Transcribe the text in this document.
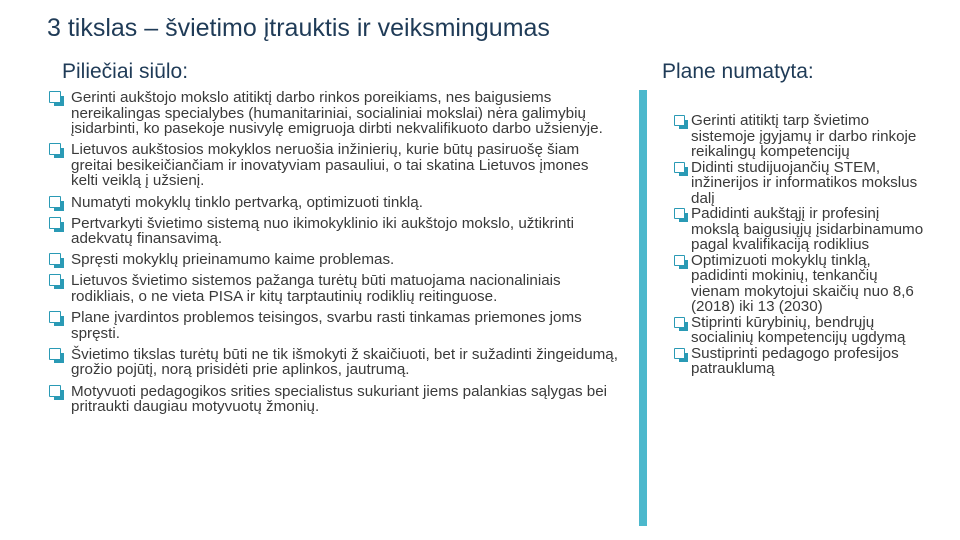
3 tikslas – švietimo įtrauktis ir veiksmingumas
Piliečiai siūlo:	Plane numatyta:
Gerinti aukštojo mokslo atitiktį darbo rinkos poreikiams, nes baigusiems nereikalingas specialybes (humanitariniai, socialiniai mokslai) nėra galimybių įsidarbinti, ko pasekoje nusivylę emigruoja dirbti nekvalifikuoto darbo užsienyje.
Lietuvos aukštosios mokyklos neruošia inžinierių, kurie būtų pasiruošę šiam greitai besikeičiančiam ir inovatyviam pasauliui, o tai skatina Lietuvos įmones kelti veiklą į užsienį.
Numatyti mokyklų tinklo pertvarką, optimizuoti tinklą.
Pertvarkyti švietimo sistemą nuo ikimokyklinio iki aukštojo mokslo, užtikrinti adekvatų finansavimą.
Spręsti mokyklų prieinamumo kaime problemas.
Lietuvos švietimo sistemos pažanga turėtų būti matuojama nacionaliniais rodikliais, o ne vieta PISA ir kitų tarptautinių rodiklių reitinguose.
Plane įvardintos problemos teisingos, svarbu rasti tinkamas priemones joms spręsti.
Švietimo tikslas turėtų būti ne tik išmokyti ž skaičiuoti, bet ir sužadinti žingeidumą, grožio pojūtį, norą prisidėti prie aplinkos, jautrumą.
Motyvuoti pedagogikos srities specialistus sukuriant jiems palankias sąlygas bei pritraukti daugiau motyvuotų žmonių.
Gerinti atitiktį tarp švietimo sistemoje įgyjamų ir darbo rinkoje reikalingų kompetencijų
Didinti studijuojančių STEM, inžinerijos ir informatikos mokslus dalį
Padidinti aukštąjį ir profesinį mokslą baigusiųjų įsidarbinamumo pagal kvalifikaciją rodiklius
Optimizuoti mokyklų tinklą, padidinti mokinių, tenkančių vienam mokytojui skaičių nuo 8,6 (2018) iki 13 (2030)
Stiprinti kūrybinių, bendrųjų socialinių kompetencijų ugdymą
Sustiprinti pedagogo profesijos patrauklumą
